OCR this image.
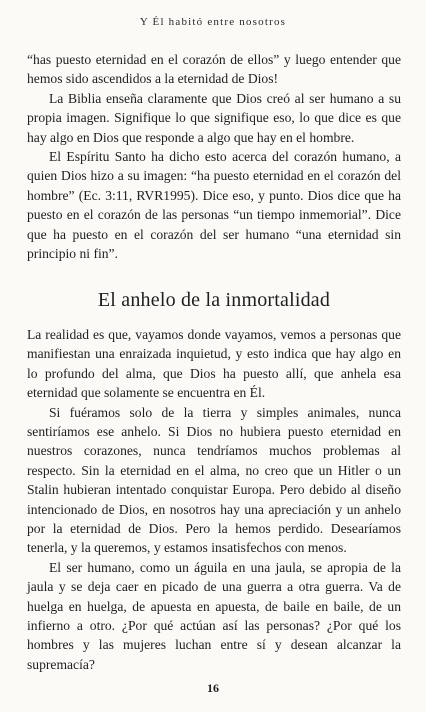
Y Él habitó entre nosotros

“has puesto eternidad en el corazón de ellos” y luego entender que hemos sido ascendidos a la eternidad de Dios!

La Biblia enseña claramente que Dios creó al ser humano a su propia imagen. Signifique lo que signifique eso, lo que dice es que hay algo en Dios que responde a algo que hay en el hombre.

El Espíritu Santo ha dicho esto acerca del corazón humano, a quien Dios hizo a su imagen: “ha puesto eternidad en el corazón del hombre” (Ec. 3:11, RVR1995). Dice eso, y punto. Dios dice que ha puesto en el corazón de las personas “un tiempo inmemorial”. Dice que ha puesto en el corazón del ser humano “una eternidad sin principio ni fin”.

El anhelo de la inmortalidad

La realidad es que, vayamos donde vayamos, vemos a personas que manifiestan una enraizada inquietud, y esto indica que hay algo en lo profundo del alma, que Dios ha puesto allí, que anhela esa eternidad que solamente se encuentra en Él.

Si fuéramos solo de la tierra y simples animales, nunca sentiríamos ese anhelo. Si Dios no hubiera puesto eternidad en nuestros corazones, nunca tendríamos muchos problemas al respecto. Sin la eternidad en el alma, no creo que un Hitler o un Stalin hubieran intentado conquistar Europa. Pero debido al diseño intencionado de Dios, en nosotros hay una apreciación y un anhelo por la eternidad de Dios. Pero la hemos perdido. Desearíamos tenerla, y la queremos, y estamos insatisfechos con menos.

El ser humano, como un águila en una jaula, se apropia de la jaula y se deja caer en picado de una guerra a otra guerra. Va de huelga en huelga, de apuesta en apuesta, de baile en baile, de un infierno a otro. ¿Por qué actúan así las personas? ¿Por qué los hombres y las mujeres luchan entre sí y desean alcanzar la supremacía?

16
